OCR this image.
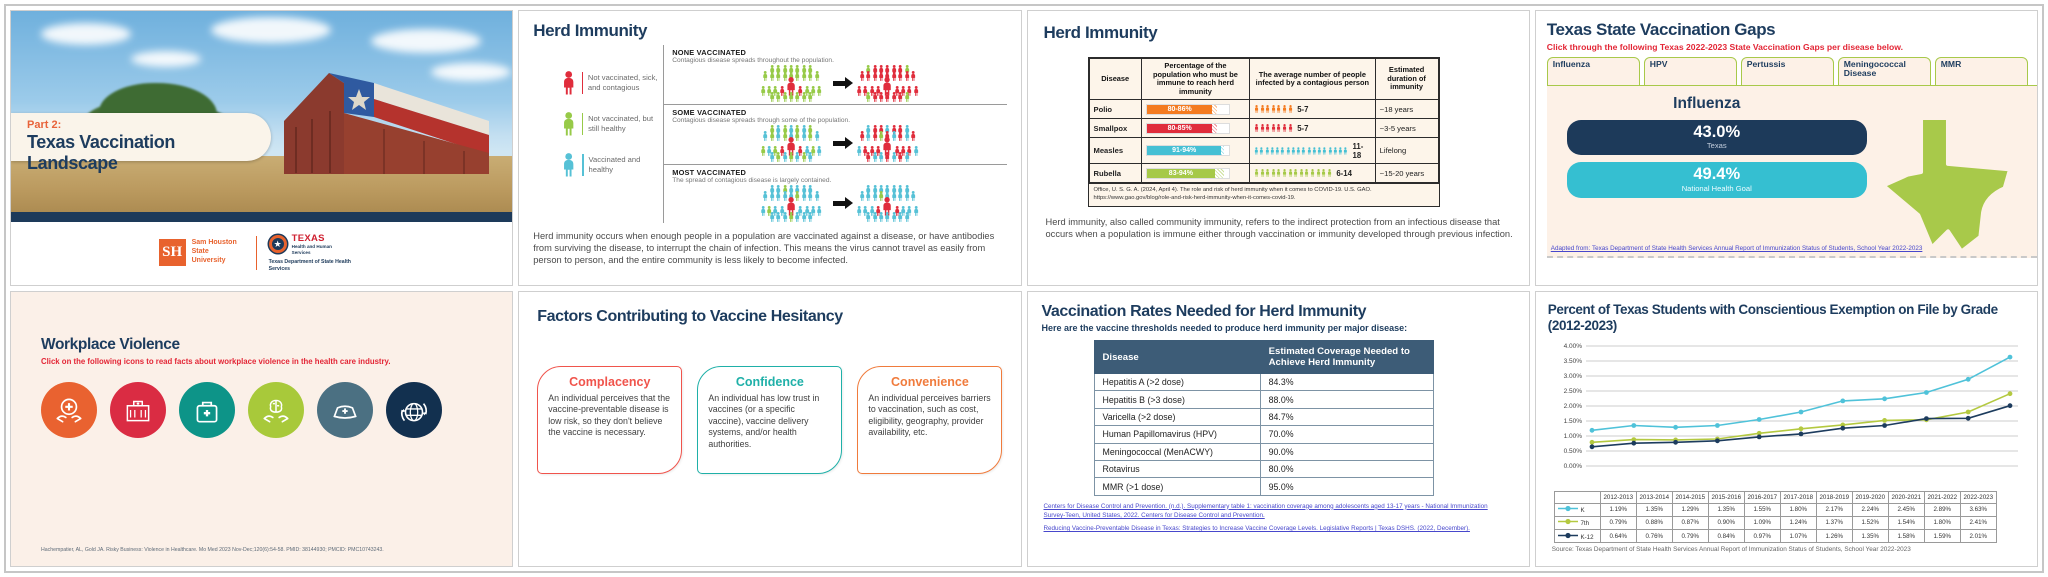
Part 2:
Texas Vaccination Landscape
SH
Sam Houston State University
★	TEXAS
Health and Human Services
Texas Department of State Health Services
Herd Immunity
Not vaccinated, sick, and contagious
Not vaccinated, but still healthy
Vaccinated and healthy
NONE VACCINATED
Contagious disease spreads throughout the population.
SOME VACCINATED
Contagious disease spreads through some of the population.
MOST VACCINATED
The spread of contagious disease is largely contained.
Herd immunity occurs when enough people in a population are vaccinated against a disease, or have antibodies from surviving the disease, to interrupt the chain of infection. This means the virus cannot travel as easily from person to person, and the entire community is less likely to become infected.
Herd Immunity
Disease	Percentage of the population who must be immune to reach herd immunity	The average number of people infected by a contagious person	Estimated duration of immunity
Polio	80-86%	5-7	~18 years
Smallpox	80-85%	5-7	~3-5 years
Measles	91-94%	11-18	Lifelong
Rubella	83-94%	6-14	~15-20 years
Office, U. S. G. A. (2024, April 4). The role and risk of herd immunity when it comes to COVID-19. U.S. GAO. https://www.gao.gov/blog/role-and-risk-herd-immunity-when-it-comes-covid-19.
Herd immunity, also called community immunity, refers to the indirect protection from an infectious disease that occurs when a population is immune either through vaccination or immunity developed through previous infection.
Texas State Vaccination Gaps
Click through the following Texas 2022-2023 State Vaccination Gaps per disease below.
Influenza	HPV	Pertussis	Meningococcal Disease
MMR
Influenza
43.0%
Texas
49.4%
National Health Goal
Adapted from: Texas Department of State Health Services Annual Report of Immunization Status of Students, School Year 2022-2023
Workplace Violence
Click on the following icons to read facts about workplace violence in the health care industry.
Hachempatier, AL, Gold JA. Risky Business: Violence in Healthcare. Mo Med 2023 Nov-Dec;120(6):54-58. PMID: 38144930; PMCID: PMC10743243.
Factors Contributing to Vaccine Hesitancy
Complacency

An individual perceives that the vaccine-preventable disease is low risk, so they don't believe the vaccine is necessary.

Confidence

An individual has low trust in vaccines (or a specific vaccine), vaccine delivery systems, and/or health authorities.

Convenience

An individual perceives barriers to vaccination, such as cost, eligibility, geography, provider availability, etc.

Vaccination Rates Needed for Herd Immunity
Here are the vaccine thresholds needed to produce herd immunity per major disease:
Disease	Estimated Coverage Needed to Achieve Herd Immunity
Hepatitis A (>2 dose)	84.3%
Hepatitis B (>3 dose)	88.0%
Varicella (>2 dose)	84.7%
Human Papillomavirus (HPV)	70.0%
Meningococcal (MenACWY)	90.0%
Rotavirus	80.0%
MMR (>1 dose)	95.0%
Centers for Disease Control and Prevention. (n.d.). Supplementary table 1: vaccination coverage among adolescents aged 13-17 years - National Immunization Survey-Teen, United States, 2022. Centers for Disease Control and Prevention.
Reducing Vaccine-Preventable Disease in Texas: Strategies to Increase Vaccine Coverage Levels. Legislative Reports | Texas DSHS. (2022, December).
Percent of Texas Students with Conscientious Exemption on File by Grade (2012-2023)
0.00%
0.50%
1.00%
1.50%
2.00%
2.50%
3.00%
3.50%
4.00%
	2012-2013	2013-2014	2014-2015	2015-2016	2016-2017	2017-2018	2018-2019	2019-2020	2020-2021	2021-2022	2022-2023
K	1.19%	1.35%	1.29%	1.35%	1.55%	1.80%	2.17%	2.24%	2.45%	2.89%	3.63%
7th	0.79%	0.88%	0.87%	0.90%	1.09%	1.24%	1.37%	1.52%	1.54%	1.80%	2.41%
K-12	0.64%	0.76%	0.79%	0.84%	0.97%	1.07%	1.26%	1.35%	1.58%	1.59%	2.01%
Source: Texas Department of State Health Services Annual Report of Immunization Status of Students, School Year 2022-2023
